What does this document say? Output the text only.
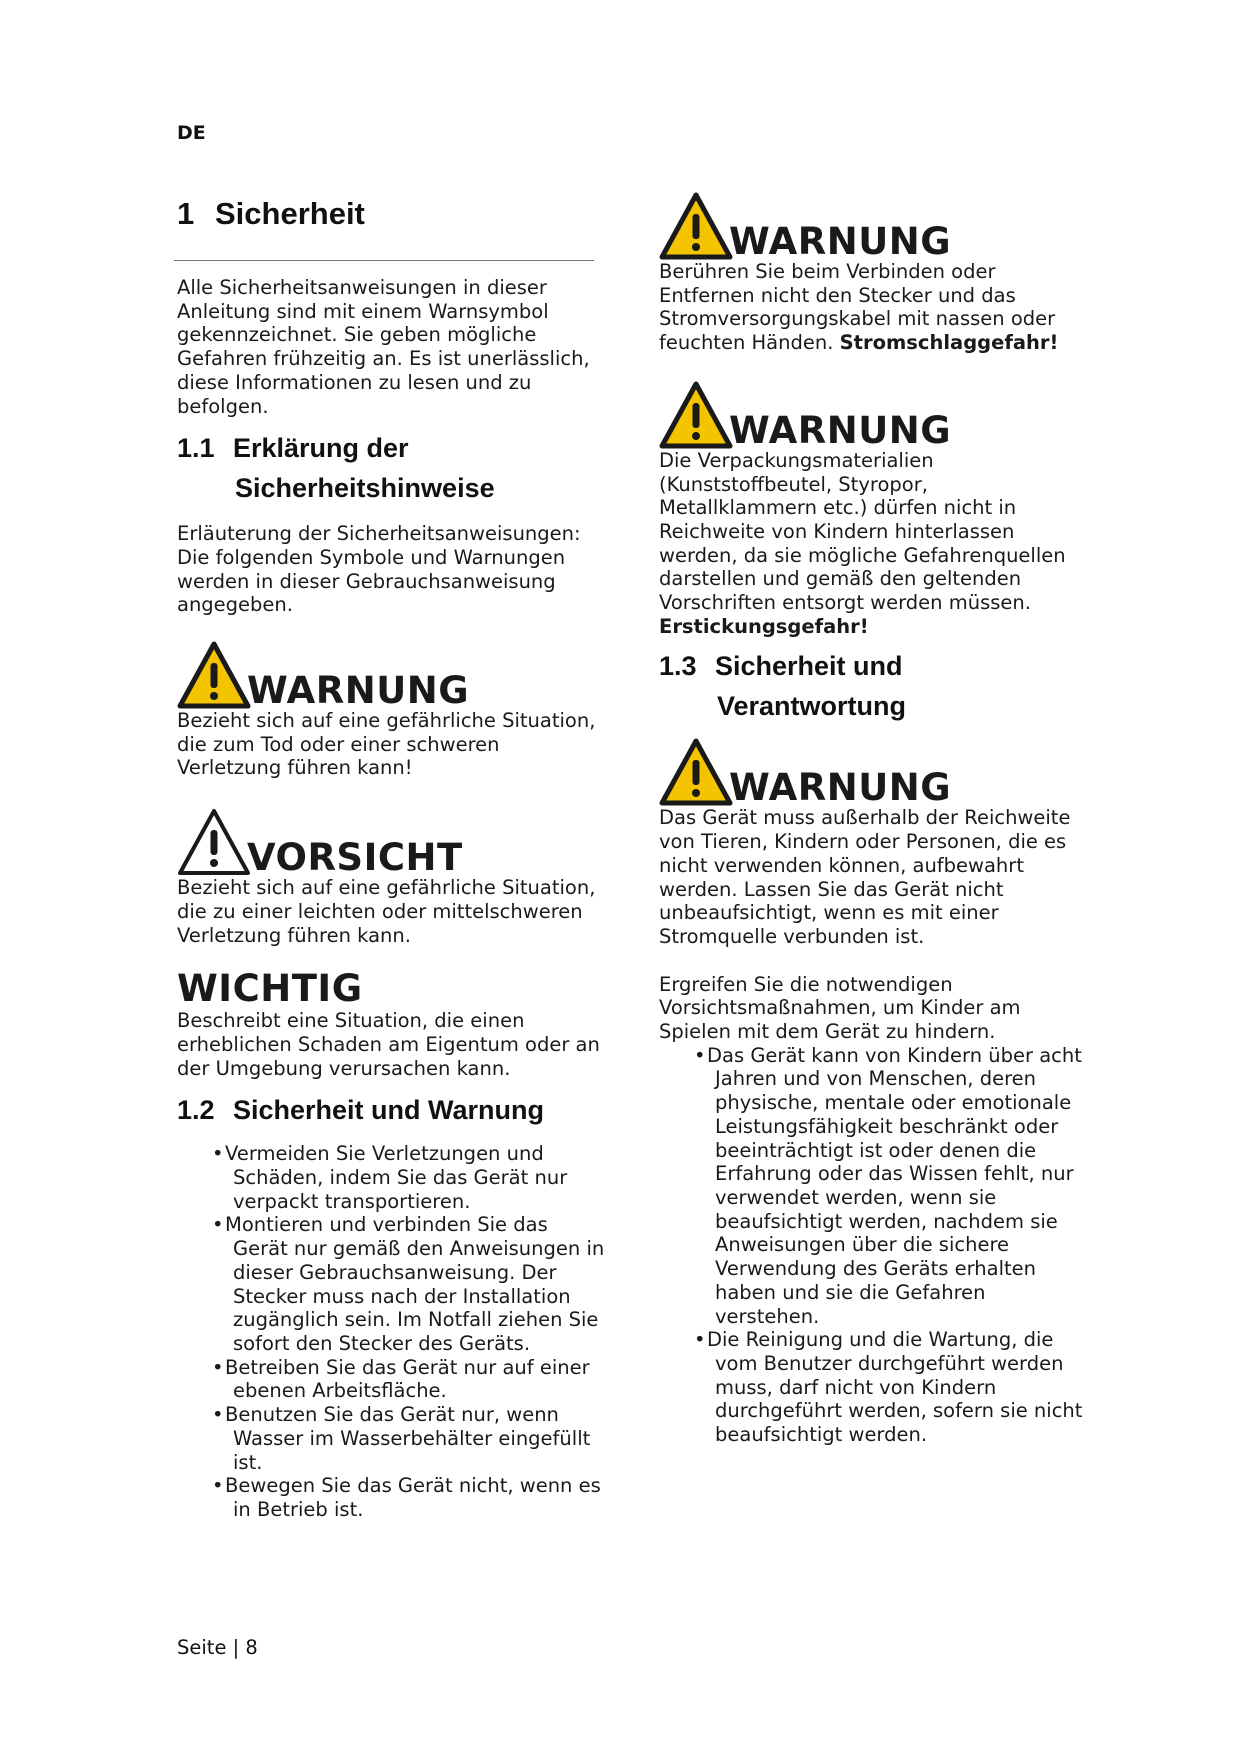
DE
1 Sicherheit
Alle Sicherheitsanweisungen in dieser Anleitung sind mit einem Warnsymbol gekennzeichnet. Sie geben mögliche Gefahren frühzeitig an. Es ist unerlässlich, diese Informationen zu lesen und zu befolgen.
1.1 Erklärung der
Sicherheitshinweise
Erläuterung der Sicherheitsanweisungen: Die folgenden Symbole und Warnungen werden in dieser Gebrauchsanweisung angegeben.
WARNUNG
Bezieht sich auf eine gefährliche Situation, die zum Tod oder einer schweren Verletzung führen kann!
VORSICHT
Bezieht sich auf eine gefährliche Situation, die zu einer leichten oder mittelschweren Verletzung führen kann.
WICHTIG
Beschreibt eine Situation, die einen erheblichen Schaden am Eigentum oder an der Umgebung verursachen kann.
1.2 Sicherheit und Warnung
• Vermeiden Sie Verletzungen und Schäden, indem Sie das Gerät nur verpackt transportieren.
• Montieren und verbinden Sie das Gerät nur gemäß den Anweisungen in dieser Gebrauchsanweisung. Der Stecker muss nach der Installation zugänglich sein. Im Notfall ziehen Sie sofort den Stecker des Geräts.
• Betreiben Sie das Gerät nur auf einer ebenen Arbeitsfläche.
• Benutzen Sie das Gerät nur, wenn Wasser im Wasserbehälter eingefüllt ist.
• Bewegen Sie das Gerät nicht, wenn es in Betrieb ist.
WARNUNG
Berühren Sie beim Verbinden oder Entfernen nicht den Stecker und das Stromversorgungskabel mit nassen oder feuchten Händen. Stromschlaggefahr!
WARNUNG
Die Verpackungsmaterialien (Kunststoffbeutel, Styropor, Metallklammern etc.) dürfen nicht in Reichweite von Kindern hinterlassen werden, da sie mögliche Gefahrenquellen darstellen und gemäß den geltenden Vorschriften entsorgt werden müssen. Erstickungsgefahr!
1.3 Sicherheit und
Verantwortung
WARNUNG
Das Gerät muss außerhalb der Reichweite von Tieren, Kindern oder Personen, die es nicht verwenden können, aufbewahrt werden. Lassen Sie das Gerät nicht unbeaufsichtigt, wenn es mit einer Stromquelle verbunden ist.
Ergreifen Sie die notwendigen Vorsichtsmaßnahmen, um Kinder am Spielen mit dem Gerät zu hindern.
• Das Gerät kann von Kindern über acht Jahren und von Menschen, deren physische, mentale oder emotionale Leistungsfähigkeit beschränkt oder beeinträchtigt ist oder denen die Erfahrung oder das Wissen fehlt, nur verwendet werden, wenn sie beaufsichtigt werden, nachdem sie Anweisungen über die sichere Verwendung des Geräts erhalten haben und sie die Gefahren verstehen.
• Die Reinigung und die Wartung, die vom Benutzer durchgeführt werden muss, darf nicht von Kindern durchgeführt werden, sofern sie nicht beaufsichtigt werden.
Seite | 8
